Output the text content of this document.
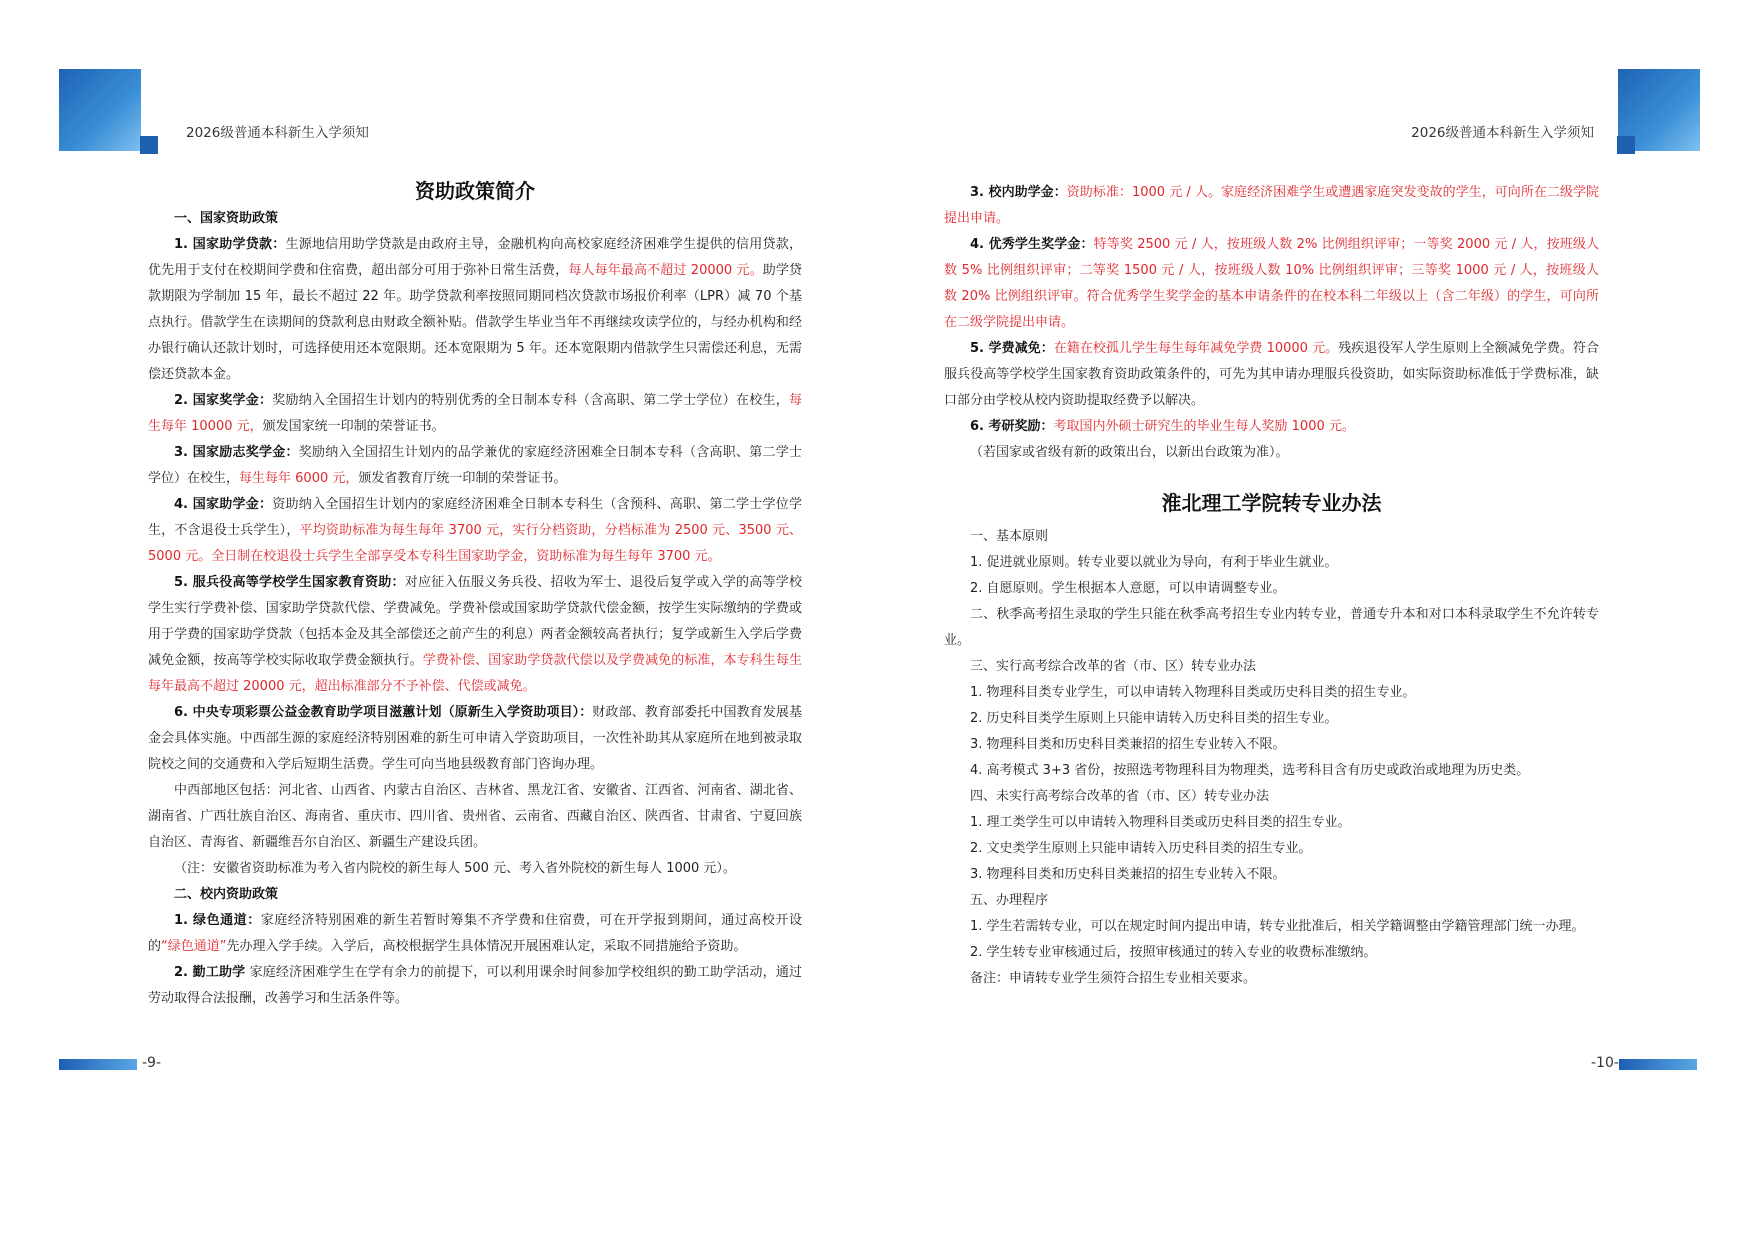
2026级普通本科新生入学须知

资助政策简介

一、国家资助政策

1. 国家助学贷款：生源地信用助学贷款是由政府主导，金融机构向高校家庭经济困难学生提供的信用贷款，优先用于支付在校期间学费和住宿费，超出部分可用于弥补日常生活费，每人每年最高不超过 20000 元。助学贷款期限为学制加 15 年，最长不超过 22 年。助学贷款利率按照同期同档次贷款市场报价利率（LPR）减 70 个基点执行。借款学生在读期间的贷款利息由财政全额补贴。借款学生毕业当年不再继续攻读学位的，与经办机构和经办银行确认还款计划时，可选择使用还本宽限期。还本宽限期为 5 年。还本宽限期内借款学生只需偿还利息，无需偿还贷款本金。

2. 国家奖学金：奖励纳入全国招生计划内的特别优秀的全日制本专科（含高职、第二学士学位）在校生，每生每年 10000 元，颁发国家统一印制的荣誉证书。

3. 国家励志奖学金：奖励纳入全国招生计划内的品学兼优的家庭经济困难全日制本专科（含高职、第二学士学位）在校生，每生每年 6000 元，颁发省教育厅统一印制的荣誉证书。

4. 国家助学金：资助纳入全国招生计划内的家庭经济困难全日制本专科生（含预科、高职、第二学士学位学生，不含退役士兵学生），平均资助标准为每生每年 3700 元，实行分档资助，分档标准为 2500 元、3500 元、5000 元。全日制在校退役士兵学生全部享受本专科生国家助学金，资助标准为每生每年 3700 元。

5. 服兵役高等学校学生国家教育资助：对应征入伍服义务兵役、招收为军士、退役后复学或入学的高等学校学生实行学费补偿、国家助学贷款代偿、学费减免。学费补偿或国家助学贷款代偿金额，按学生实际缴纳的学费或用于学费的国家助学贷款（包括本金及其全部偿还之前产生的利息）两者金额较高者执行；复学或新生入学后学费减免金额，按高等学校实际收取学费金额执行。学费补偿、国家助学贷款代偿以及学费减免的标准，本专科生每生每年最高不超过 20000 元，超出标准部分不予补偿、代偿或减免。

6. 中央专项彩票公益金教育助学项目滋蕙计划（原新生入学资助项目）：财政部、教育部委托中国教育发展基金会具体实施。中西部生源的家庭经济特别困难的新生可申请入学资助项目，一次性补助其从家庭所在地到被录取院校之间的交通费和入学后短期生活费。学生可向当地县级教育部门咨询办理。

中西部地区包括：河北省、山西省、内蒙古自治区、吉林省、黑龙江省、安徽省、江西省、河南省、湖北省、湖南省、广西壮族自治区、海南省、重庆市、四川省、贵州省、云南省、西藏自治区、陕西省、甘肃省、宁夏回族自治区、青海省、新疆维吾尔自治区、新疆生产建设兵团。

（注：安徽省资助标准为考入省内院校的新生每人 500 元、考入省外院校的新生每人 1000 元）。

二、校内资助政策

1. 绿色通道：家庭经济特别困难的新生若暂时筹集不齐学费和住宿费，可在开学报到期间，通过高校开设的“绿色通道”先办理入学手续。入学后，高校根据学生具体情况开展困难认定，采取不同措施给予资助。

2. 勤工助学 家庭经济困难学生在学有余力的前提下，可以利用课余时间参加学校组织的勤工助学活动，通过劳动取得合法报酬，改善学习和生活条件等。

-9-
2026级普通本科新生入学须知

3. 校内助学金：资助标准：1000 元 / 人。家庭经济困难学生或遭遇家庭突发变故的学生，可向所在二级学院提出申请。

4. 优秀学生奖学金：特等奖 2500 元 / 人，按班级人数 2% 比例组织评审；一等奖 2000 元 / 人，按班级人数 5% 比例组织评审；二等奖 1500 元 / 人，按班级人数 10% 比例组织评审；三等奖 1000 元 / 人，按班级人数 20% 比例组织评审。符合优秀学生奖学金的基本申请条件的在校本科二年级以上（含二年级）的学生，可向所在二级学院提出申请。

5. 学费减免：在籍在校孤儿学生每生每年减免学费 10000 元。残疾退役军人学生原则上全额减免学费。符合服兵役高等学校学生国家教育资助政策条件的，可先为其申请办理服兵役资助，如实际资助标准低于学费标准，缺口部分由学校从校内资助提取经费予以解决。

6. 考研奖励：考取国内外硕士研究生的毕业生每人奖励 1000 元。

（若国家或省级有新的政策出台，以新出台政策为准）。

淮北理工学院转专业办法

一、基本原则

1. 促进就业原则。转专业要以就业为导向，有利于毕业生就业。

2. 自愿原则。学生根据本人意愿，可以申请调整专业。

二、秋季高考招生录取的学生只能在秋季高考招生专业内转专业，普通专升本和对口本科录取学生不允许转专业。

三、实行高考综合改革的省（市、区）转专业办法

1. 物理科目类专业学生，可以申请转入物理科目类或历史科目类的招生专业。

2. 历史科目类学生原则上只能申请转入历史科目类的招生专业。

3. 物理科目类和历史科目类兼招的招生专业转入不限。

4. 高考模式 3+3 省份，按照选考物理科目为物理类，选考科目含有历史或政治或地理为历史类。

四、未实行高考综合改革的省（市、区）转专业办法

1. 理工类学生可以申请转入物理科目类或历史科目类的招生专业。

2. 文史类学生原则上只能申请转入历史科目类的招生专业。

3. 物理科目类和历史科目类兼招的招生专业转入不限。

五、办理程序

1. 学生若需转专业，可以在规定时间内提出申请，转专业批准后，相关学籍调整由学籍管理部门统一办理。

2. 学生转专业审核通过后，按照审核通过的转入专业的收费标准缴纳。

备注：申请转专业学生须符合招生专业相关要求。

-10-
